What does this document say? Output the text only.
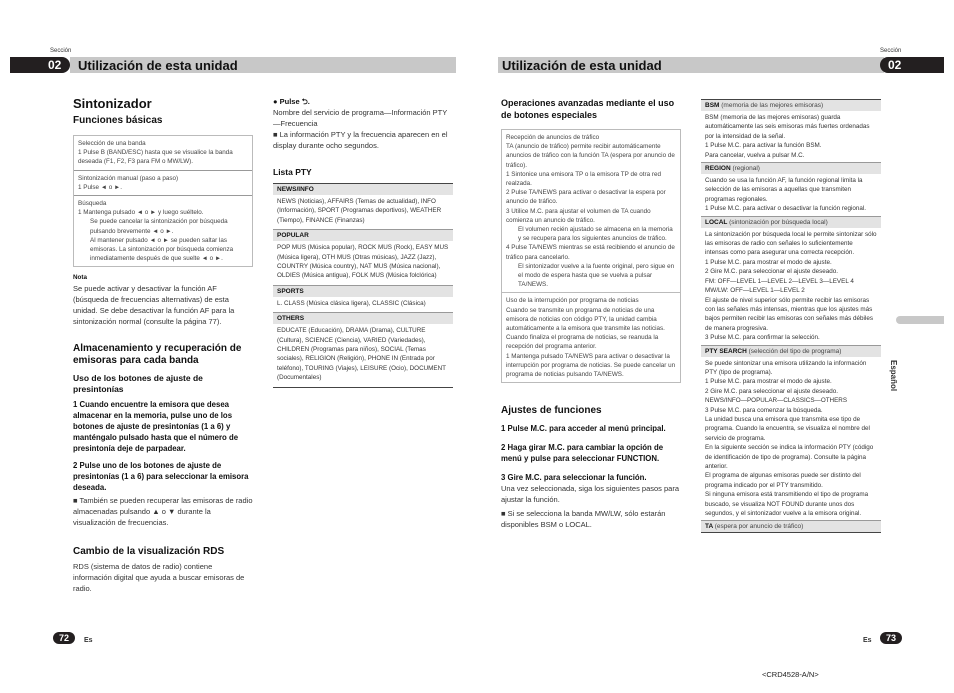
Sección
02 Utilización de esta unidad
Sección
Utilización de esta unidad	02
Sintonizador
Funciones básicas
Selección de una banda
1 Pulse B (BAND/ESC) hasta que se visualice la banda deseada (F1, F2, F3 para FM o MW/LW).
Sintonización manual (paso a paso)
1 Pulse ◄ o ►.
Búsqueda
1 Mantenga pulsado ◄ o ► y luego suéltelo.
Se puede cancelar la sintonización por búsqueda pulsando brevemente ◄ o ►.
Al mantener pulsado ◄ o ► se pueden saltar las emisoras. La sintonización por búsqueda comienza inmediatamente después de que suelte ◄ o ►.
Nota
Se puede activar y desactivar la función AF (búsqueda de frecuencias alternativas) de esta unidad. Se debe desactivar la función AF para la sintonización normal (consulte la página 77).
Almacenamiento y recuperación de emisoras para cada banda
Uso de los botones de ajuste de presintonías
1 Cuando encuentre la emisora que desea almacenar en la memoria, pulse uno de los botones de ajuste de presintonías (1 a 6) y manténgalo pulsado hasta que el número de presintonía deje de parpadear.
2 Pulse uno de los botones de ajuste de presintonías (1 a 6) para seleccionar la emisora deseada.
■ También se pueden recuperar las emisoras de radio almacenadas pulsando ▲ o ▼ durante la visualización de frecuencias.
Cambio de la visualización RDS
RDS (sistema de datos de radio) contiene información digital que ayuda a buscar emisoras de radio.
● Pulse ⮌.
Nombre del servicio de programa—Información PTY—Frecuencia
■ La información PTY y la frecuencia aparecen en el display durante ocho segundos.
Lista PTY
NEWS/INFO
NEWS (Noticias), AFFAIRS (Temas de actualidad), INFO (Información), SPORT (Programas deportivos), WEATHER (Tiempo), FINANCE (Finanzas)
POPULAR
POP MUS (Música popular), ROCK MUS (Rock), EASY MUS (Música ligera), OTH MUS (Otras músicas), JAZZ (Jazz), COUNTRY (Música country), NAT MUS (Música nacional), OLDIES (Música antigua), FOLK MUS (Música folclórica)
SPORTS
L. CLASS (Música clásica ligera), CLASSIC (Clásica)
OTHERS
EDUCATE (Educación), DRAMA (Drama), CULTURE (Cultura), SCIENCE (Ciencia), VARIED (Variedades), CHILDREN (Programas para niños), SOCIAL (Temas sociales), RELIGION (Religión), PHONE IN (Entrada por teléfono), TOURING (Viajes), LEISURE (Ocio), DOCUMENT (Documentales)
72	Es
Operaciones avanzadas mediante el uso de botones especiales
Recepción de anuncios de tráfico
TA (anuncio de tráfico) permite recibir automáticamente anuncios de tráfico con la función TA (espera por anuncio de tráfico).
1 Sintonice una emisora TP o la emisora TP de otra red realzada.
2 Pulse TA/NEWS para activar o desactivar la espera por anuncio de tráfico.
3 Utilice M.C. para ajustar el volumen de TA cuando comienza un anuncio de tráfico.
El volumen recién ajustado se almacena en la memoria y se recupera para los siguientes anuncios de tráfico.
4 Pulse TA/NEWS mientras se está recibiendo el anuncio de tráfico para cancelarlo.
El sintonizador vuelve a la fuente original, pero sigue en el modo de espera hasta que se vuelva a pulsar TA/NEWS.
Uso de la interrupción por programa de noticias
Cuando se transmite un programa de noticias de una emisora de noticias con código PTY, la unidad cambia automáticamente a la emisora que transmite las noticias. Cuando finaliza el programa de noticias, se reanuda la recepción del programa anterior.
1 Mantenga pulsado TA/NEWS para activar o desactivar la interrupción por programa de noticias. Se puede cancelar un programa de noticias pulsando TA/NEWS.
Ajustes de funciones
1 Pulse M.C. para acceder al menú principal.
2 Haga girar M.C. para cambiar la opción de menú y pulse para seleccionar FUNCTION.
3 Gire M.C. para seleccionar la función.
Una vez seleccionada, siga los siguientes pasos para ajustar la función.
■ Si se selecciona la banda MW/LW, sólo estarán disponibles BSM o LOCAL.
BSM (memoria de las mejores emisoras)
BSM (memoria de las mejores emisoras) guarda automáticamente las seis emisoras más fuertes ordenadas por la intensidad de la señal.
1 Pulse M.C. para activar la función BSM.
Para cancelar, vuelva a pulsar M.C.
REGION (regional)
Cuando se usa la función AF, la función regional limita la selección de las emisoras a aquellas que transmiten programas regionales.
1 Pulse M.C. para activar o desactivar la función regional.
LOCAL (sintonización por búsqueda local)
La sintonización por búsqueda local le permite sintonizar sólo las emisoras de radio con señales lo suficientemente intensas como para asegurar una correcta recepción.
1 Pulse M.C. para mostrar el modo de ajuste.
2 Gire M.C. para seleccionar el ajuste deseado.
FM: OFF—LEVEL 1—LEVEL 2—LEVEL 3—LEVEL 4
MW/LW: OFF—LEVEL 1—LEVEL 2
El ajuste de nivel superior sólo permite recibir las emisoras con las señales más intensas, mientras que los ajustes más bajos permiten recibir las emisoras con señales más débiles de manera progresiva.
3 Pulse M.C. para confirmar la selección.
PTY SEARCH (selección del tipo de programa)
Se puede sintonizar una emisora utilizando la información PTY (tipo de programa).
1 Pulse M.C. para mostrar el modo de ajuste.
2 Gire M.C. para seleccionar el ajuste deseado.
NEWS/INFO—POPULAR—CLASSICS—OTHERS
3 Pulse M.C. para comenzar la búsqueda.
La unidad busca una emisora que transmita ese tipo de programa. Cuando la encuentra, se visualiza el nombre del servicio de programa.
En la siguiente sección se indica la información PTY (código de identificación de tipo de programa). Consulte la página anterior.
El programa de algunas emisoras puede ser distinto del programa indicado por el PTY transmitido.
Si ninguna emisora está transmitiendo el tipo de programa buscado, se visualiza NOT FOUND durante unos dos segundos, y el sintonizador vuelve a la emisora original.
TA (espera por anuncio de tráfico)
Español
Es	73
<CRD4528-A/N>
